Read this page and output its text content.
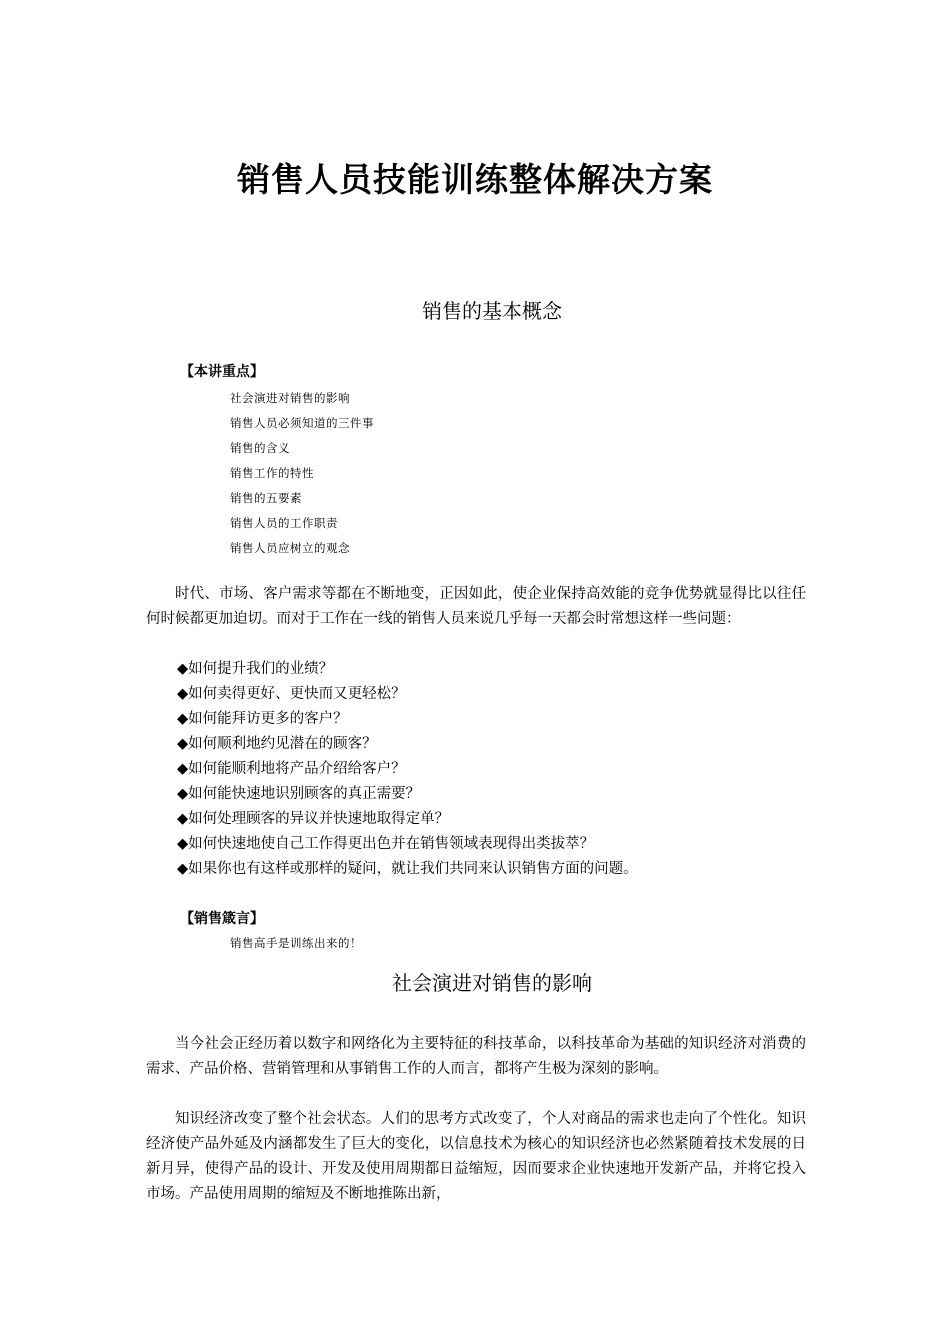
销售人员技能训练整体解决方案
销售的基本概念
【本讲重点】
社会演进对销售的影响
销售人员必须知道的三件事
销售的含义
销售工作的特性
销售的五要素
销售人员的工作职责
销售人员应树立的观念

时代、市场、客户需求等都在不断地变，正因如此，使企业保持高效能的竞争优势就显得比以往任何时候都更加迫切。而对于工作在一线的销售人员来说几乎每一天都会时常想这样一些问题：

◆如何提升我们的业绩？
◆如何卖得更好、更快而又更轻松？
◆如何能拜访更多的客户？
◆如何顺利地约见潜在的顾客？
◆如何能顺利地将产品介绍给客户？
◆如何能快速地识别顾客的真正需要？
◆如何处理顾客的异议并快速地取得定单？
◆如何快速地使自己工作得更出色并在销售领域表现得出类拔萃？
◆如果你也有这样或那样的疑问，就让我们共同来认识销售方面的问题。
【销售箴言】
销售高手是训练出来的！
社会演进对销售的影响

当今社会正经历着以数字和网络化为主要特征的科技革命，以科技革命为基础的知识经济对消费的需求、产品价格、营销管理和从事销售工作的人而言，都将产生极为深刻的影响。

知识经济改变了整个社会状态。人们的思考方式改变了，个人对商品的需求也走向了个性化。知识经济使产品外延及内涵都发生了巨大的变化，以信息技术为核心的知识经济也必然紧随着技术发展的日新月异，使得产品的设计、开发及使用周期都日益缩短，因而要求企业快速地开发新产品，并将它投入市场。产品使用周期的缩短及不断地推陈出新，
